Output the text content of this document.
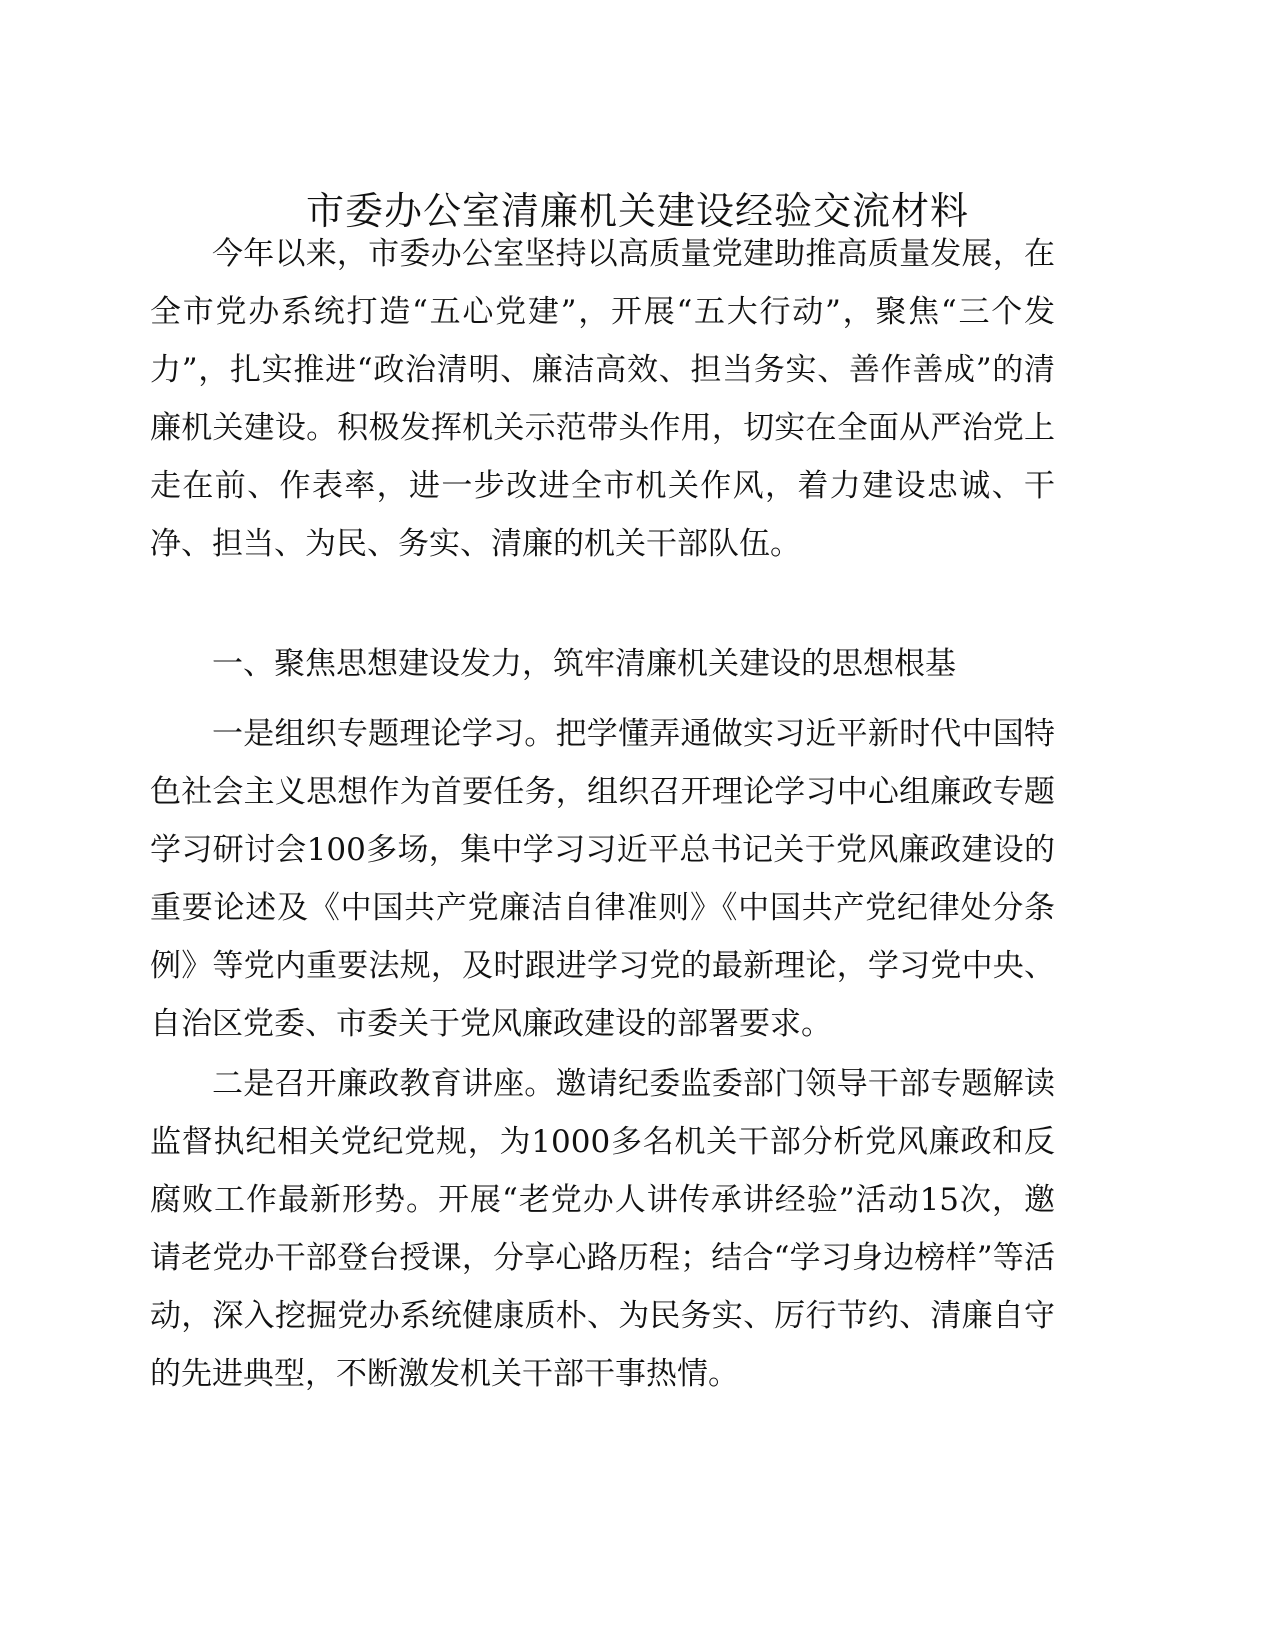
市委办公室清廉机关建设经验交流材料

今年以来，市委办公室坚持以高质量党建助推高质量发展，在全市党办系统打造“五心党建”，开展“五大行动”，聚焦“三个发力”，扎实推进“政治清明、廉洁高效、担当务实、善作善成”的清廉机关建设。积极发挥机关示范带头作用，切实在全面从严治党上走在前、作表率，进一步改进全市机关作风，着力建设忠诚、干净、担当、为民、务实、清廉的机关干部队伍。

一、聚焦思想建设发力，筑牢清廉机关建设的思想根基

一是组织专题理论学习。把学懂弄通做实习近平新时代中国特色社会主义思想作为首要任务，组织召开理论学习中心组廉政专题学习研讨会100多场，集中学习习近平总书记关于党风廉政建设的重要论述及《中国共产党廉洁自律准则》《中国共产党纪律处分条例》等党内重要法规，及时跟进学习党的最新理论，学习党中央、自治区党委、市委关于党风廉政建设的部署要求。

二是召开廉政教育讲座。邀请纪委监委部门领导干部专题解读监督执纪相关党纪党规，为1000多名机关干部分析党风廉政和反腐败工作最新形势。开展“老党办人讲传承讲经验”活动15次，邀请老党办干部登台授课，分享心路历程；结合“学习身边榜样”等活动，深入挖掘党办系统健康质朴、为民务实、厉行节约、清廉自守的先进典型，不断激发机关干部干事热情。
